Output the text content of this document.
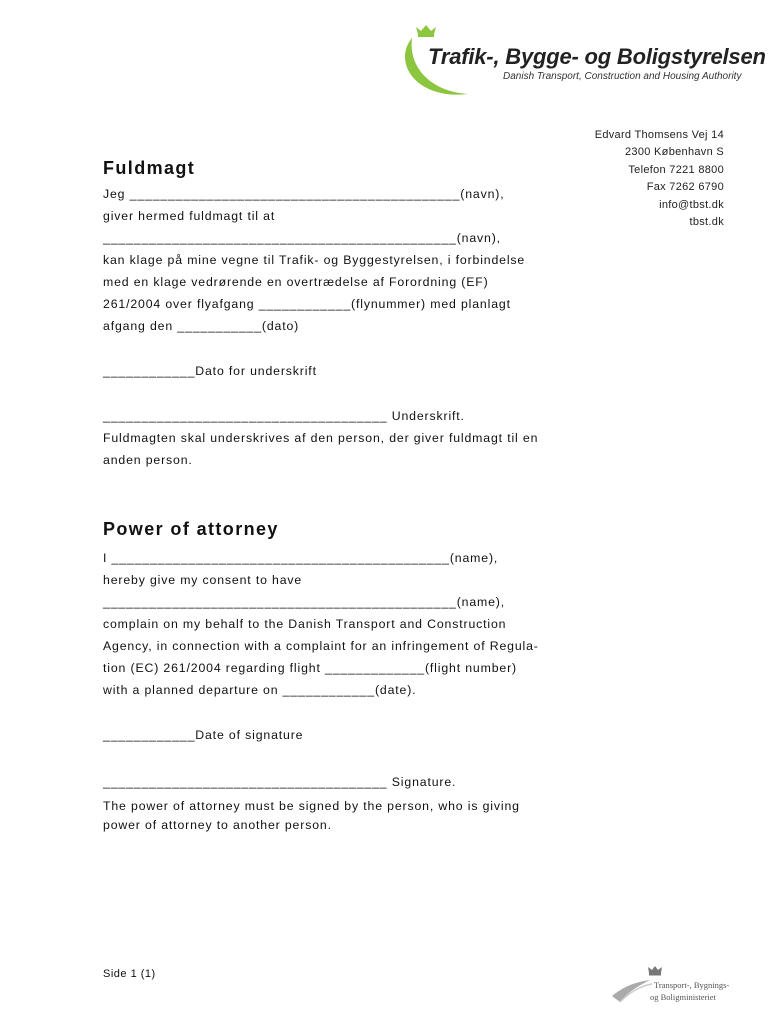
Trafik-, Bygge- og Boligstyrelsen
Danish Transport, Construction and Housing Authority
Edvard Thomsens Vej 14
2300 København S
Telefon 7221 8800
Fax 7262 6790
info@tbst.dk
tbst.dk
Fuldmagt
Jeg ___________________________________________(navn),
giver hermed fuldmagt til at
______________________________________________(navn),
kan klage på mine vegne til Trafik- og Byggestyrelsen, i forbindelse
med en klage vedrørende en overtrædelse af Forordning (EF)
261/2004 over flyafgang ____________(flynummer) med planlagt
afgang den ___________(dato)
____________Dato for underskrift
_____________________________________ Underskrift.
Fuldmagten skal underskrives af den person, der giver fuldmagt til en
anden person.
Power of attorney
I ____________________________________________(name),
hereby give my consent to have
______________________________________________(name),
complain on my behalf to the Danish Transport and Construction
Agency, in connection with a complaint for an infringement of Regula-
tion (EC) 261/2004 regarding flight _____________(flight number)
with a planned departure on ____________(date).
____________Date of signature
_____________________________________ Signature.
The power of attorney must be signed by the person, who is giving
power of attorney to another person.
Side 1 (1)
Transport-, Bygnings-
og Boligministeriet
